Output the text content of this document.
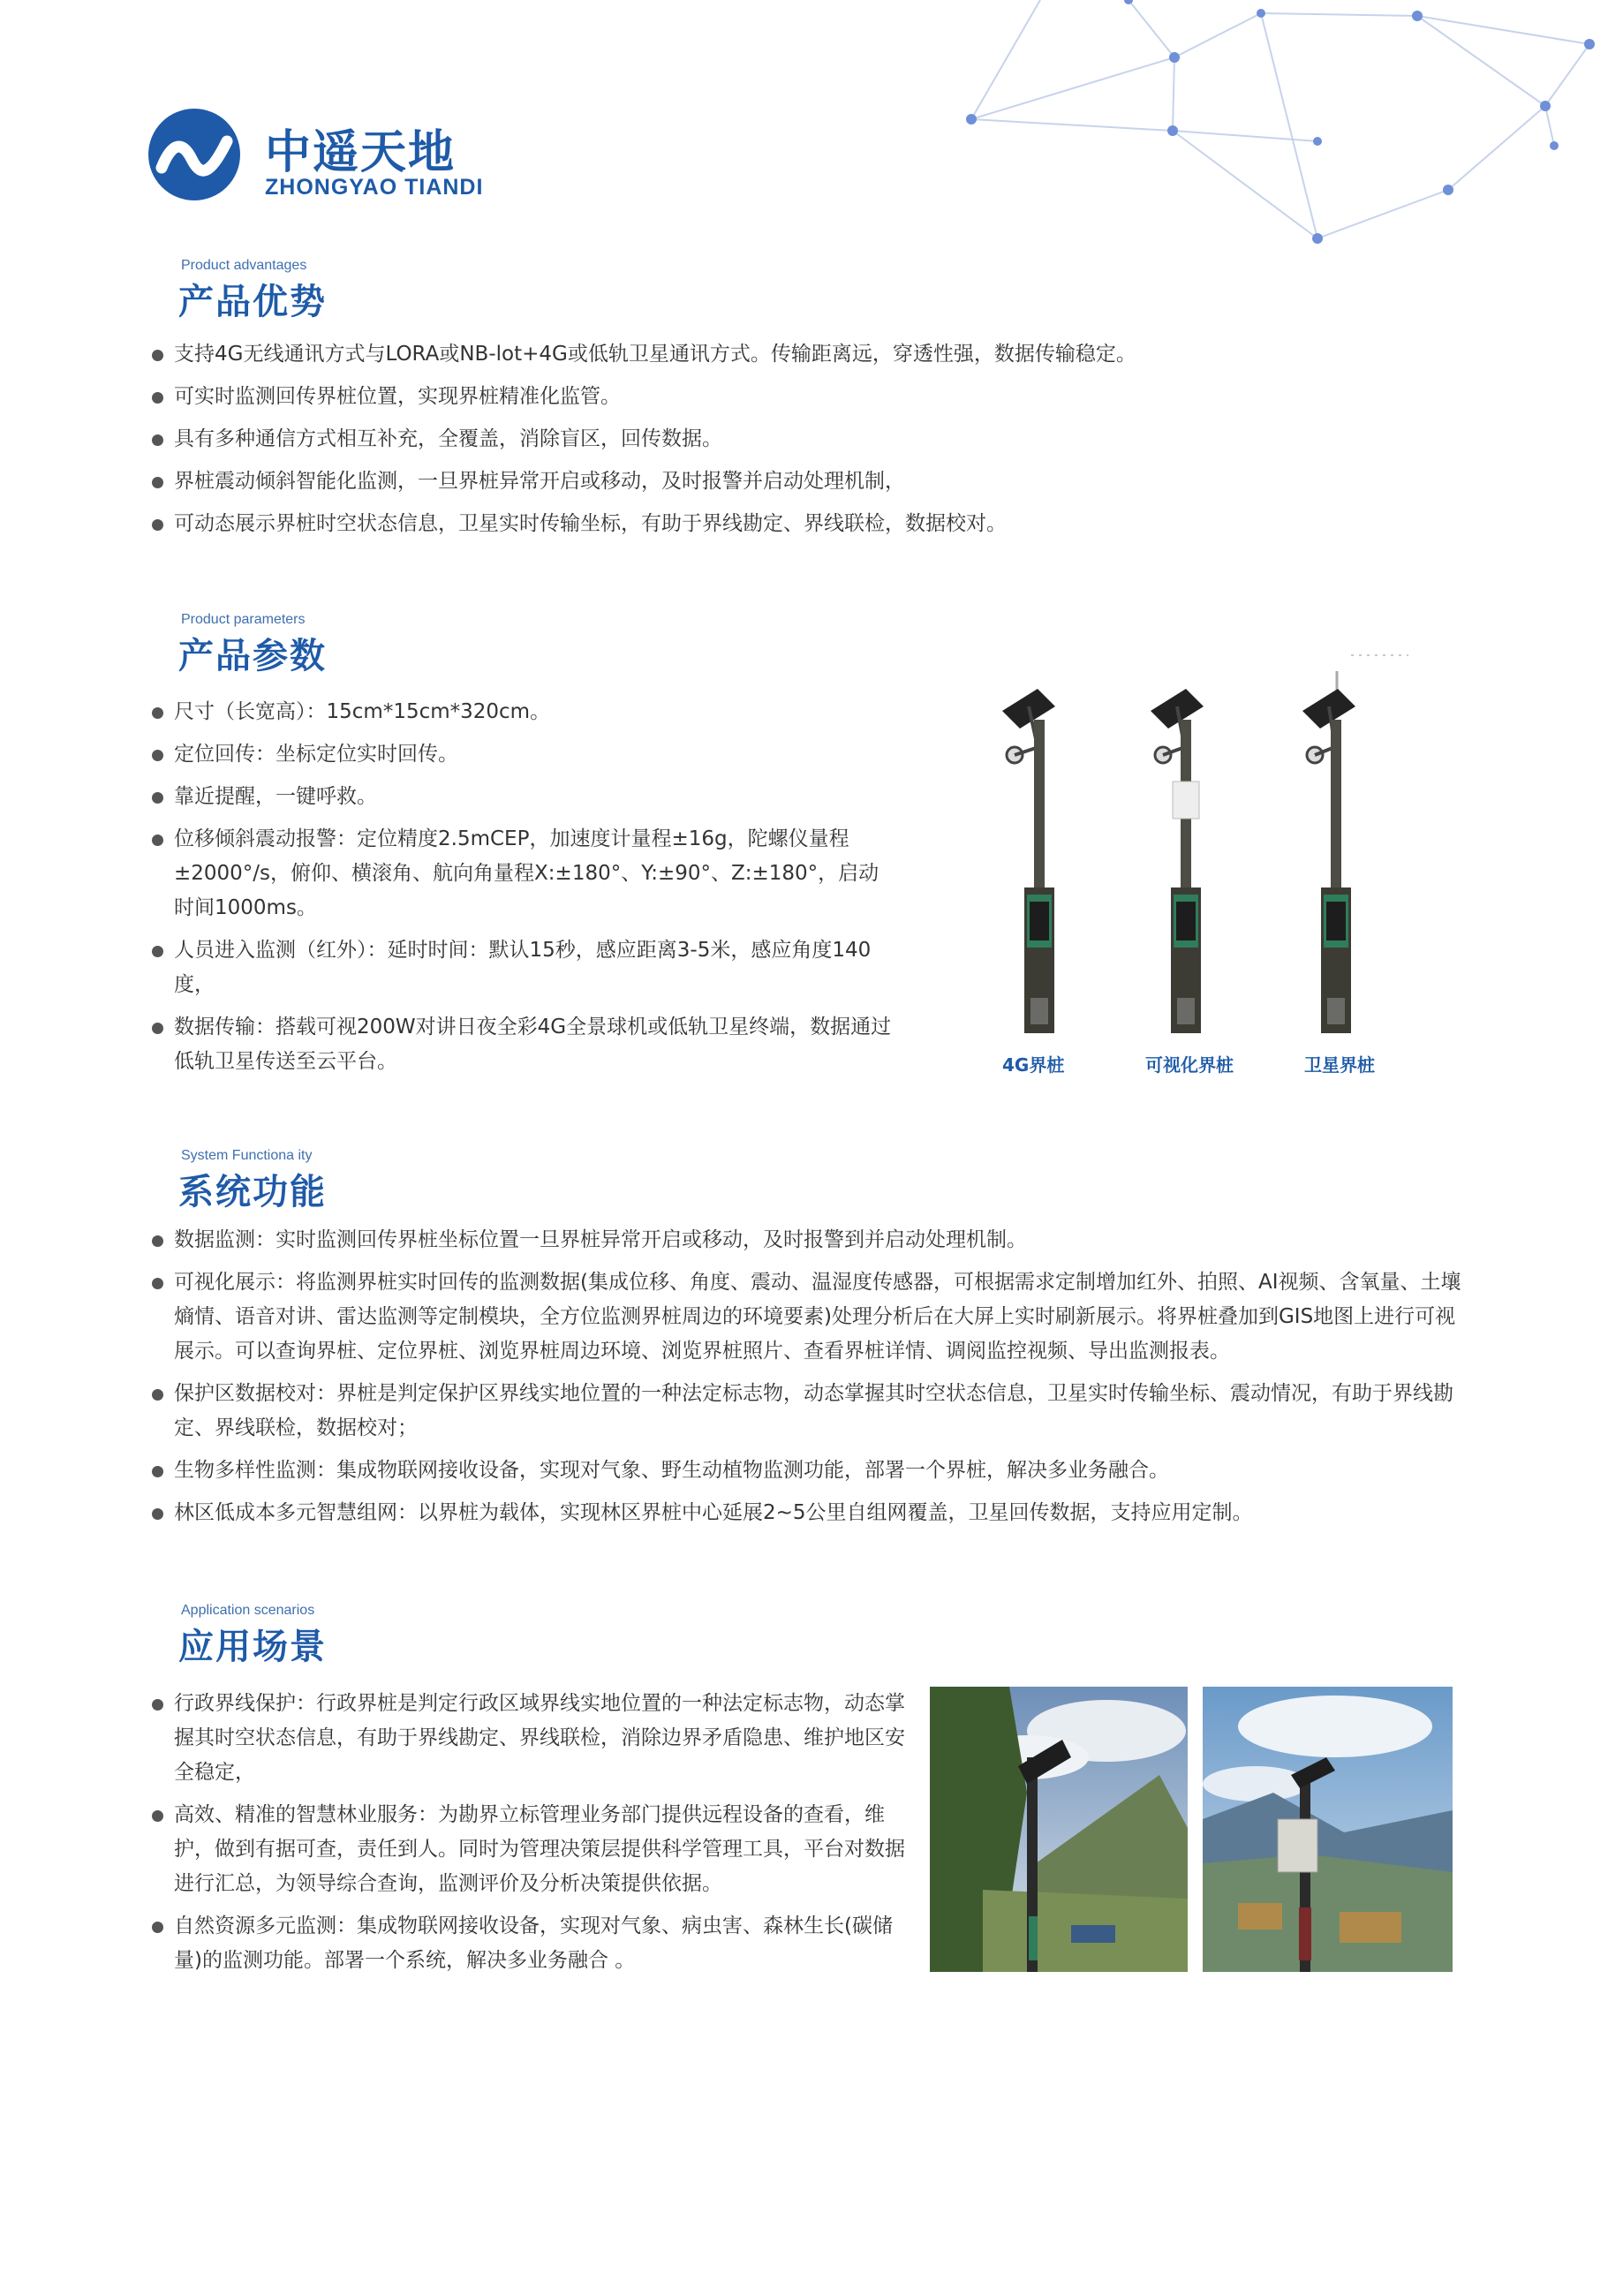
中遥天地
ZHONGYAO TIANDI
Product advantages
产品优势
支持4G无线通讯方式与LORA或NB-lot+4G或低轨卫星通讯方式。传输距离远，穿透性强，数据传输稳定。
可实时监测回传界桩位置，实现界桩精准化监管。
具有多种通信方式相互补充，全覆盖，消除盲区，回传数据。
界桩震动倾斜智能化监测，一旦界桩异常开启或移动，及时报警并启动处理机制，
可动态展示界桩时空状态信息，卫星实时传输坐标，有助于界线勘定、界线联检，数据校对。
Product parameters
产品参数
尺寸（长宽高）：15cm*15cm*320cm。
定位回传：坐标定位实时回传。
靠近提醒，一键呼救。
位移倾斜震动报警：定位精度2.5mCEP，加速度计量程±16g，陀螺仪量程±2000°/s，俯仰、横滚角、航向角量程X:±180°、Y:±90°、Z:±180°，启动时间1000ms。
人员进入监测（红外）：延时时间：默认15秒，感应距离3-5米，感应角度140度，
数据传输：搭载可视200W对讲日夜全彩4G全景球机或低轨卫星终端，数据通过低轨卫星传送至云平台。	4G界桩	可视化界桩	卫星界桩
System Functiona ity
系统功能
数据监测：实时监测回传界桩坐标位置一旦界桩异常开启或移动，及时报警到并启动处理机制。
可视化展示：将监测界桩实时回传的监测数据(集成位移、角度、震动、温湿度传感器，可根据需求定制增加红外、拍照、AI视频、含氧量、土壤熵情、语音对讲、雷达监测等定制模块，全方位监测界桩周边的环境要素)处理分析后在大屏上实时刷新展示。将界桩叠加到GIS地图上进行可视展示。可以查询界桩、定位界桩、浏览界桩周边环境、浏览界桩照片、查看界桩详情、调阅监控视频、导出监测报表。
保护区数据校对：界桩是判定保护区界线实地位置的一种法定标志物，动态掌握其时空状态信息，卫星实时传输坐标、震动情况，有助于界线勘定、界线联检，数据校对；
生物多样性监测：集成物联网接收设备，实现对气象、野生动植物监测功能，部署一个界桩，解决多业务融合。
林区低成本多元智慧组网：以界桩为载体，实现林区界桩中心延展2~5公里自组网覆盖，卫星回传数据，支持应用定制。
Application scenarios
应用场景
行政界线保护：行政界桩是判定行政区域界线实地位置的一种法定标志物，动态掌握其时空状态信息，有助于界线勘定、界线联检，消除边界矛盾隐患、维护地区安全稳定，
高效、精准的智慧林业服务：为勘界立标管理业务部门提供远程设备的查看，维护，做到有据可查，责任到人。同时为管理决策层提供科学管理工具，平台对数据进行汇总，为领导综合查询，监测评价及分析决策提供依据。
自然资源多元监测：集成物联网接收设备，实现对气象、病虫害、森林生长(碳储量)的监测功能。部署一个系统，解决多业务融合 。
